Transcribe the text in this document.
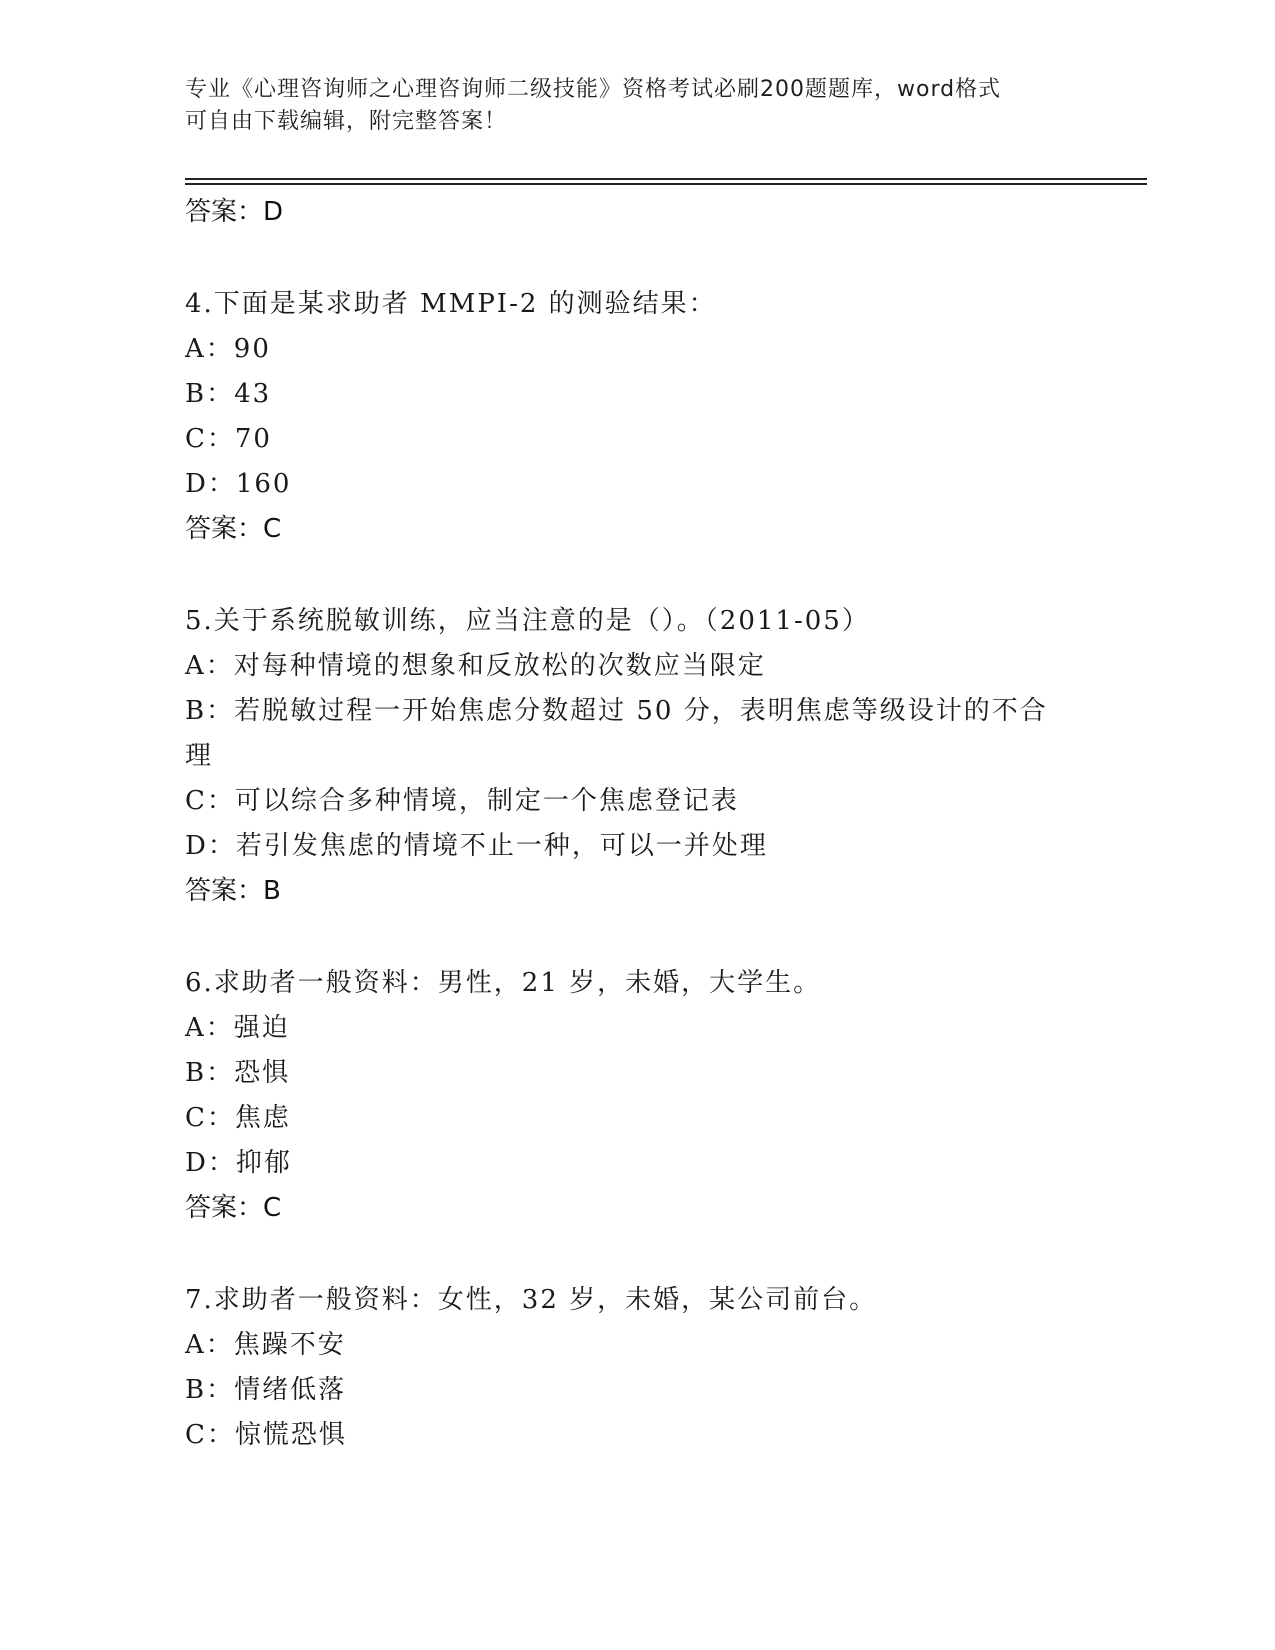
专业《心理咨询师之心理咨询师二级技能》资格考试必刷200题题库，word格式
可自由下载编辑，附完整答案！
答案：D
4.下面是某求助者 MMPI-2 的测验结果：
A：90
B：43
C：70
D：160
答案：C
5.关于系统脱敏训练，应当注意的是（）。（2011-05）
A：对每种情境的想象和反放松的次数应当限定
B：若脱敏过程一开始焦虑分数超过 50 分，表明焦虑等级设计的不合理
C：可以综合多种情境，制定一个焦虑登记表
D：若引发焦虑的情境不止一种，可以一并处理
答案：B
6.求助者一般资料：男性，21 岁，未婚，大学生。
A：强迫
B：恐惧
C：焦虑
D：抑郁
答案：C
7.求助者一般资料：女性，32 岁，未婚，某公司前台。
A：焦躁不安
B：情绪低落
C：惊慌恐惧
